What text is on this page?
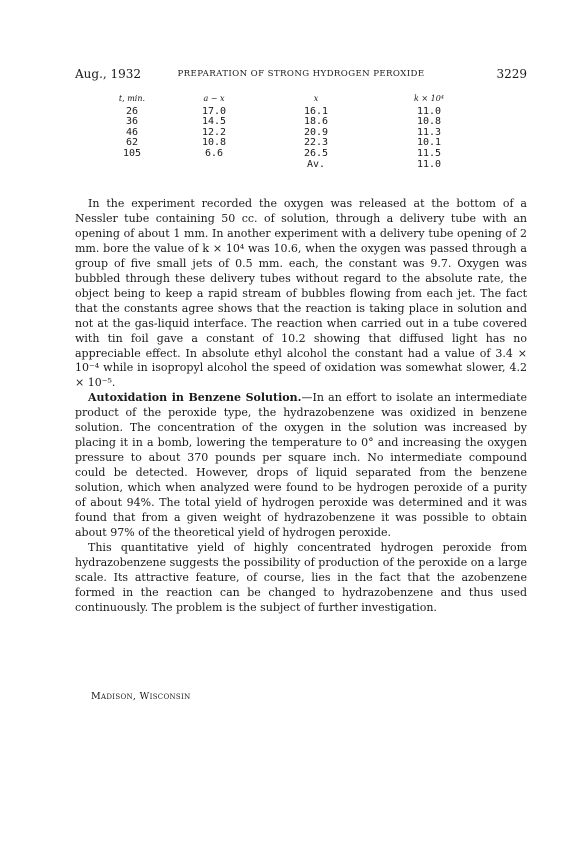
Aug., 1932	PREPARATION OF STRONG HYDROGEN PEROXIDE	3229
t, min.	a − x	x	k × 10⁴
26	17.0	16.1	11.0
36	14.5	18.6	10.8
46	12.2	20.9	11.3
62	10.8	22.3	10.1
105	6.6	26.5	11.5
		Av.	11.0

In the experiment recorded the oxygen was released at the bottom of a Nessler tube containing 50 cc. of solution, through a delivery tube with an opening of about 1 mm. In another experiment with a delivery tube opening of 2 mm. bore the value of k × 10⁴ was 10.6, when the oxygen was passed through a group of five small jets of 0.5 mm. each, the constant was 9.7. Oxygen was bubbled through these delivery tubes without regard to the absolute rate, the object being to keep a rapid stream of bubbles flowing from each jet. The fact that the constants agree shows that the reaction is taking place in solution and not at the gas-liquid interface. The reaction when carried out in a tube covered with tin foil gave a constant of 10.2 showing that diffused light has no appreciable effect. In absolute ethyl alcohol the constant had a value of 3.4 × 10⁻⁴ while in isopropyl alcohol the speed of oxidation was somewhat slower, 4.2 × 10⁻⁵.

Autoxidation in Benzene Solution.—In an effort to isolate an intermediate product of the peroxide type, the hydrazobenzene was oxidized in benzene solution. The concentration of the oxygen in the solution was increased by placing it in a bomb, lowering the temperature to 0° and increasing the oxygen pressure to about 370 pounds per square inch. No intermediate compound could be detected. However, drops of liquid separated from the benzene solution, which when analyzed were found to be hydrogen peroxide of a purity of about 94%. The total yield of hydrogen peroxide was determined and it was found that from a given weight of hydrazobenzene it was possible to obtain about 97% of the theoretical yield of hydrogen peroxide.

This quantitative yield of highly concentrated hydrogen peroxide from hydrazobenzene suggests the possibility of production of the peroxide on a large scale. Its attractive feature, of course, lies in the fact that the azobenzene formed in the reaction can be changed to hydrazobenzene and thus used continuously. The problem is the subject of further investigation.

Madison, Wisconsin
